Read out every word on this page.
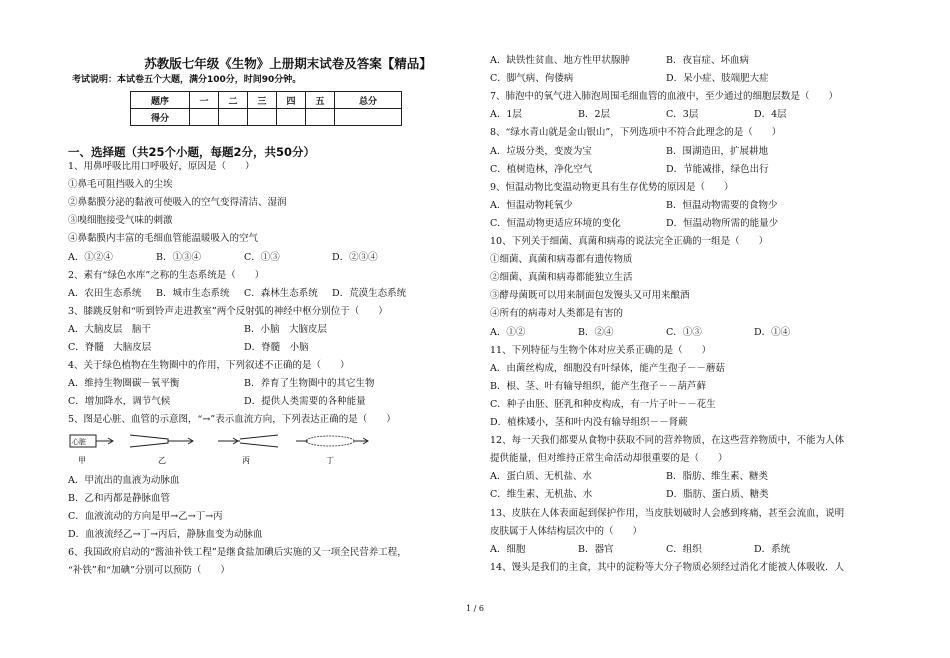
苏教版七年级《生物》上册期末试卷及答案【精品】
考试说明：本试卷五个大题，满分100分，时间90分钟。
题序	一	二	三	四	五	总分
得分						
一、选择题（共25个小题，每题2分，共50分）
1、用鼻呼吸比用口呼吸好，原因是（　　）
①鼻毛可阻挡吸入的尘埃
②鼻黏膜分泌的黏液可使吸入的空气变得清洁、湿润
③嗅细胞接受气味的刺激
④鼻黏膜内丰富的毛细血管能温暖吸入的空气
A．①②④	B．①③④	C．①③	D．②③④
2、素有“绿色水库”之称的生态系统是（　　）
A．农田生态系统 B．城市生态系统 C．森林生态系统 D．荒漠生态系统
3、膝跳反射和“听到铃声走进教室”两个反射弧的神经中枢分别位于（　　）
A．大脑皮层　脑干	B．小脑　大脑皮层
C．脊髓　大脑皮层	D．脊髓　小脑
4、关于绿色植物在生物圈中的作用，下列叙述不正确的是（　　）
A．维持生物圈碳－氧平衡	B．养育了生物圈中的其它生物
C．增加降水，调节气候	D．提供人类需要的各种能量
5、图是心脏、血管的示意图，“→”表示血流方向，下列表达正确的是（　　）
心脏
甲	乙	丙	丁
A．甲流出的血液为动脉血
B．乙和丙都是静脉血管
C．血液流动的方向是甲→乙→丁→丙
D．血液流经乙→丁→丙后，静脉血变为动脉血
6、我国政府启动的“酱油补铁工程”是继食盐加碘后实施的又一项全民营养工程，
“补铁”和“加碘”分别可以预防（　　）
A．缺铁性贫血、地方性甲状腺肿	B．夜盲症、坏血病
C．脚气病、佝偻病	D．呆小症、肢端肥大症
7、肺泡中的氧气进入肺泡周围毛细血管的血液中，至少通过的细胞层数是（　　）
A．1层	B．2层	C．3层	D．4层
8、“绿水青山就是金山银山”，下列选项中不符合此理念的是（　　）
A．垃圾分类，变废为宝	B．围湖造田，扩展耕地
C．植树造林，净化空气	D．节能减排，绿色出行
9、恒温动物比变温动物更具有生存优势的原因是（　　）
A．恒温动物耗氧少	B．恒温动物需要的食物少
C．恒温动物更适应环境的变化	D．恒温动物所需的能量少
10、下列关于细菌、真菌和病毒的说法完全正确的一组是（　　）
①细菌、真菌和病毒都有遗传物质
②细菌、真菌和病毒都能独立生活
③酵母菌既可以用来制面包发馒头又可用来酿酒
④所有的病毒对人类都是有害的
A．①②	B．②④	C．①③	D．①④
11、下列特征与生物个体对应关系正确的是（　　）
A．由菌丝构成，细胞没有叶绿体，能产生孢子－－蘑菇
B．根、茎、叶有输导组织，能产生孢子－－葫芦藓
C．种子由胚、胚乳和种皮构成，有一片子叶－－花生
D．植株矮小，茎和叶内没有输导组织－－肾蕨
12、每一天我们都要从食物中获取不同的营养物质，在这些营养物质中，不能为人体
提供能量，但对维持正常生命活动却很重要的是（　　）
A．蛋白质、无机盐、水	B．脂肪、维生素、糖类
C．维生素、无机盐、水	D．脂肪、蛋白质、糖类
13、皮肤在人体表面起到保护作用，当皮肤划破时人会感到疼痛，甚至会流血，说明
皮肤属于人体结构层次中的（　　）
A．细胞	B．器官	C．组织	D．系统
14、馒头是我们的主食，其中的淀粉等大分子物质必须经过消化才能被人体吸收．人
1 / 6
